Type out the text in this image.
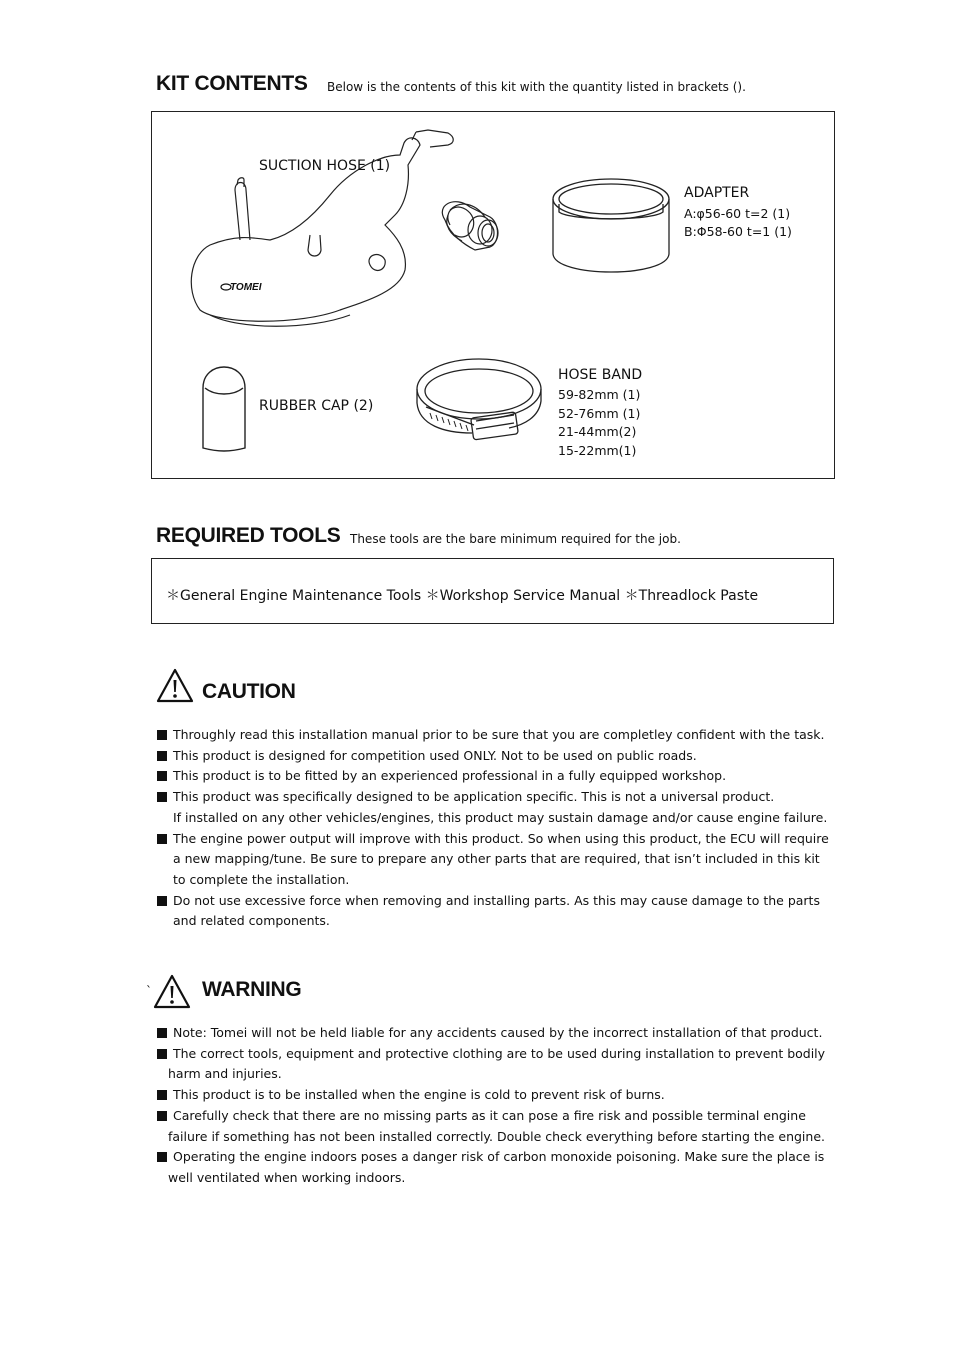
KIT CONTENTS Below is the contents of this kit with the quantity listed in brackets ().
TOMEI
SUCTION HOSE (1)
ADAPTER
A:φ56-60 t=2 (1)
B:Φ58-60 t=1 (1)
RUBBER CAP (2)
HOSE BAND
59-82mm (1)
52-76mm (1)
21-44mm(2)
15-22mm(1)
REQUIRED TOOLS These tools are the bare minimum required for the job.
＊General Engine Maintenance Tools ＊Workshop Service Manual ＊Threadlock Paste
CAUTION
Throughly read this installation manual prior to be sure that you are completley confident with the task.
This product is designed for competition used ONLY. Not to be used on public roads.
This product is to be fitted by an experienced professional in a fully equipped workshop.
This product was specifically designed to be application specific. This is not a universal product.
If installed on any other vehicles/engines, this product may sustain damage and/or cause engine failure.
The engine power output will improve with this product. So when using this product, the ECU will require
a new mapping/tune. Be sure to prepare any other parts that are required, that isn’t included in this kit
to complete the installation.
Do not use excessive force when removing and installing parts. As this may cause damage to the parts
and related components.
` WARNING
Note: Tomei will not be held liable for any accidents caused by the incorrect installation of that product.
The correct tools, equipment and protective clothing are to be used during installation to prevent bodily
harm and injuries.
This product is to be installed when the engine is cold to prevent risk of burns.
Carefully check that there are no missing parts as it can pose a fire risk and possible terminal engine
failure if something has not been installed correctly. Double check everything before starting the engine.
Operating the engine indoors poses a danger risk of carbon monoxide poisoning. Make sure the place is
well ventilated when working indoors.
